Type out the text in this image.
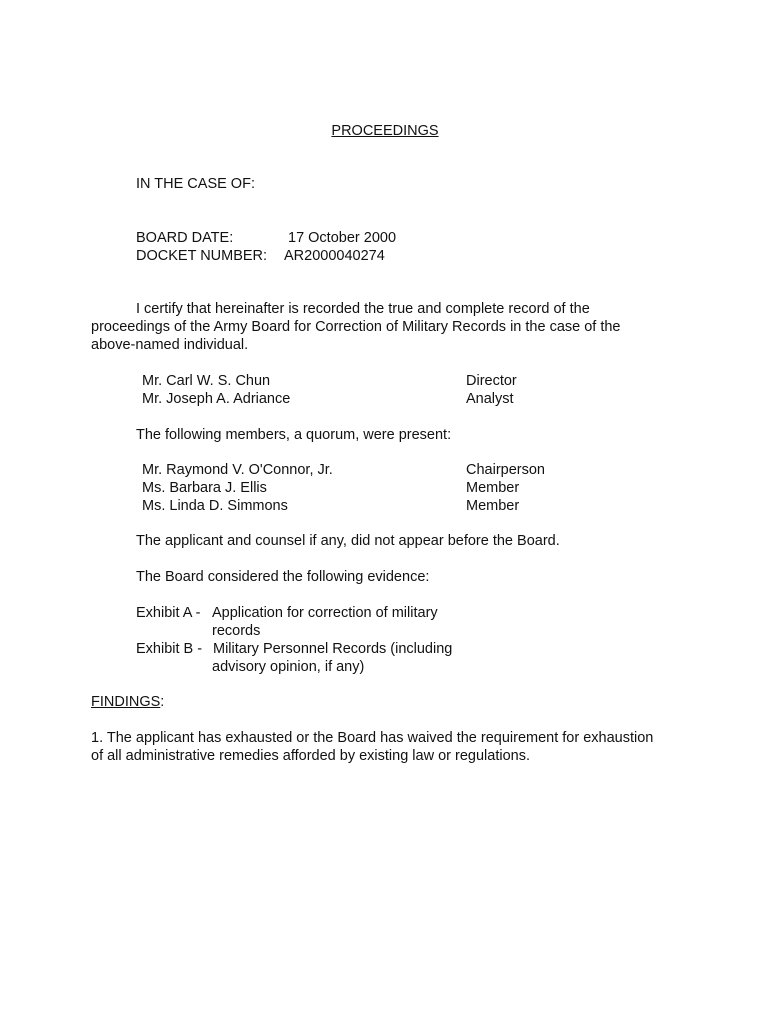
PROCEEDINGS
IN THE CASE OF:
BOARD DATE:	17 October 2000
DOCKET NUMBER: AR2000040274
I certify that hereinafter is recorded the true and complete record of the proceedings of the Army Board for Correction of Military Records in the case of the above-named individual.
Mr. Carl W. S. Chun	Director
Mr. Joseph A. Adriance	Analyst
The following members, a quorum, were present:
Mr. Raymond V. O'Connor, Jr.	Chairperson
Ms. Barbara J. Ellis	Member
Ms. Linda D. Simmons	Member
The applicant and counsel if any, did not appear before the Board.
The Board considered the following evidence:
Exhibit A - Application for correction of military
records
Exhibit B - Military Personnel Records (including
advisory opinion, if any)
FINDINGS:
1. The applicant has exhausted or the Board has waived the requirement for exhaustion of all administrative remedies afforded by existing law or regulations.
